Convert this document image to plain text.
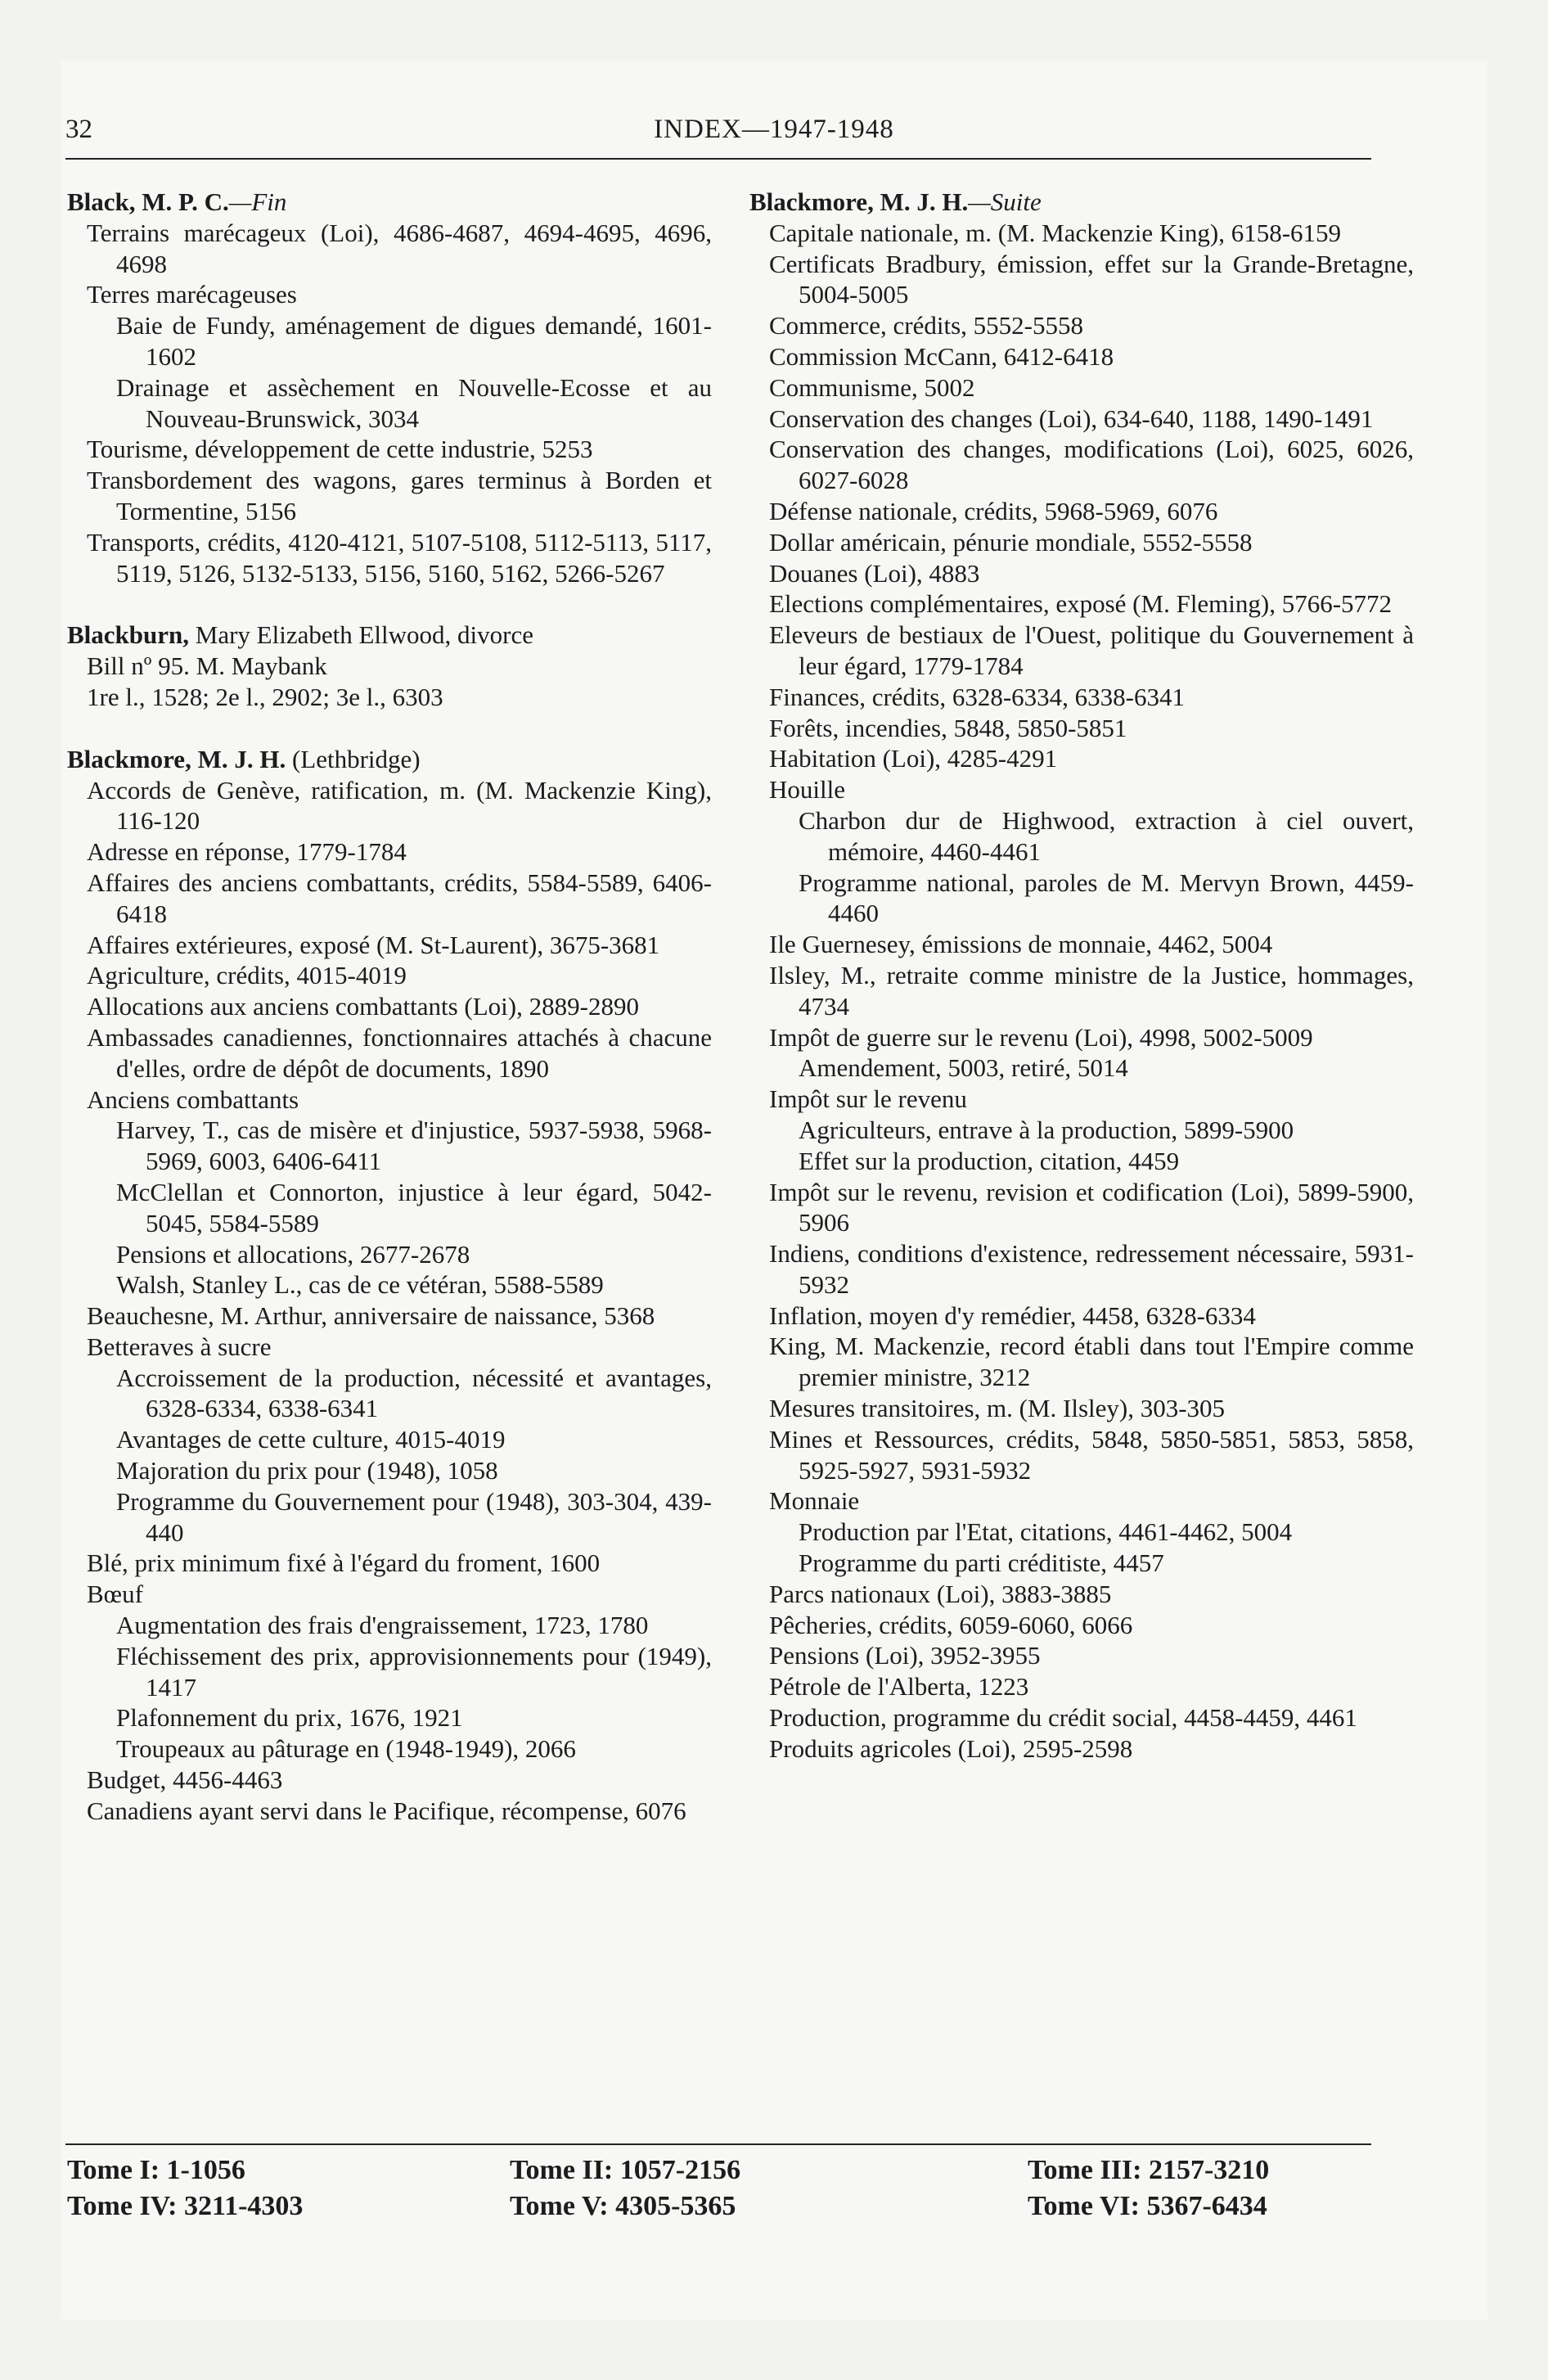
32	INDEX—1947-1948
Black, M. P. C.—Fin
Terrains marécageux (Loi), 4686-4687, 4694-4695, 4696, 4698
Terres marécageuses
Baie de Fundy, aménagement de digues demandé, 1601-1602
Drainage et assèchement en Nouvelle-Ecosse et au Nouveau-Brunswick, 3034
Tourisme, développement de cette industrie, 5253
Transbordement des wagons, gares terminus à Borden et Tormentine, 5156
Transports, crédits, 4120-4121, 5107-5108, 5112-5113, 5117, 5119, 5126, 5132-5133, 5156, 5160, 5162, 5266-5267
Blackburn, Mary Elizabeth Ellwood, divorce
Bill nº 95. M. Maybank
1re l., 1528; 2e l., 2902; 3e l., 6303
Blackmore, M. J. H. (Lethbridge)
Accords de Genève, ratification, m. (M. Mackenzie King), 116-120
Adresse en réponse, 1779-1784
Affaires des anciens combattants, crédits, 5584-5589, 6406-6418
Affaires extérieures, exposé (M. St-Laurent), 3675-3681
Agriculture, crédits, 4015-4019
Allocations aux anciens combattants (Loi), 2889-2890
Ambassades canadiennes, fonctionnaires attachés à chacune d'elles, ordre de dépôt de documents, 1890
Anciens combattants
Harvey, T., cas de misère et d'injustice, 5937-5938, 5968-5969, 6003, 6406-6411
McClellan et Connorton, injustice à leur égard, 5042-5045, 5584-5589
Pensions et allocations, 2677-2678
Walsh, Stanley L., cas de ce vétéran, 5588-5589
Beauchesne, M. Arthur, anniversaire de naissance, 5368
Betteraves à sucre
Accroissement de la production, nécessité et avantages, 6328-6334, 6338-6341
Avantages de cette culture, 4015-4019
Majoration du prix pour (1948), 1058
Programme du Gouvernement pour (1948), 303-304, 439-440
Blé, prix minimum fixé à l'égard du froment, 1600
Bœuf
Augmentation des frais d'engraissement, 1723, 1780
Fléchissement des prix, approvisionnements pour (1949), 1417
Plafonnement du prix, 1676, 1921
Troupeaux au pâturage en (1948-1949), 2066
Budget, 4456-4463
Canadiens ayant servi dans le Pacifique, récompense, 6076
Blackmore, M. J. H.—Suite
Capitale nationale, m. (M. Mackenzie King), 6158-6159
Certificats Bradbury, émission, effet sur la Grande-Bretagne, 5004-5005
Commerce, crédits, 5552-5558
Commission McCann, 6412-6418
Communisme, 5002
Conservation des changes (Loi), 634-640, 1188, 1490-1491
Conservation des changes, modifications (Loi), 6025, 6026, 6027-6028
Défense nationale, crédits, 5968-5969, 6076
Dollar américain, pénurie mondiale, 5552-5558
Douanes (Loi), 4883
Elections complémentaires, exposé (M. Fleming), 5766-5772
Eleveurs de bestiaux de l'Ouest, politique du Gouvernement à leur égard, 1779-1784
Finances, crédits, 6328-6334, 6338-6341
Forêts, incendies, 5848, 5850-5851
Habitation (Loi), 4285-4291
Houille
Charbon dur de Highwood, extraction à ciel ouvert, mémoire, 4460-4461
Programme national, paroles de M. Mervyn Brown, 4459-4460
Ile Guernesey, émissions de monnaie, 4462, 5004
Ilsley, M., retraite comme ministre de la Justice, hommages, 4734
Impôt de guerre sur le revenu (Loi), 4998, 5002-5009
Amendement, 5003, retiré, 5014
Impôt sur le revenu
Agriculteurs, entrave à la production, 5899-5900
Effet sur la production, citation, 4459
Impôt sur le revenu, revision et codification (Loi), 5899-5900, 5906
Indiens, conditions d'existence, redressement nécessaire, 5931-5932
Inflation, moyen d'y remédier, 4458, 6328-6334
King, M. Mackenzie, record établi dans tout l'Empire comme premier ministre, 3212
Mesures transitoires, m. (M. Ilsley), 303-305
Mines et Ressources, crédits, 5848, 5850-5851, 5853, 5858, 5925-5927, 5931-5932
Monnaie
Production par l'Etat, citations, 4461-4462, 5004
Programme du parti créditiste, 4457
Parcs nationaux (Loi), 3883-3885
Pêcheries, crédits, 6059-6060, 6066
Pensions (Loi), 3952-3955
Pétrole de l'Alberta, 1223
Production, programme du crédit social, 4458-4459, 4461
Produits agricoles (Loi), 2595-2598
Tome I: 1-1056
Tome IV: 3211-4303
Tome II: 1057-2156
Tome V: 4305-5365
Tome III: 2157-3210
Tome VI: 5367-6434
